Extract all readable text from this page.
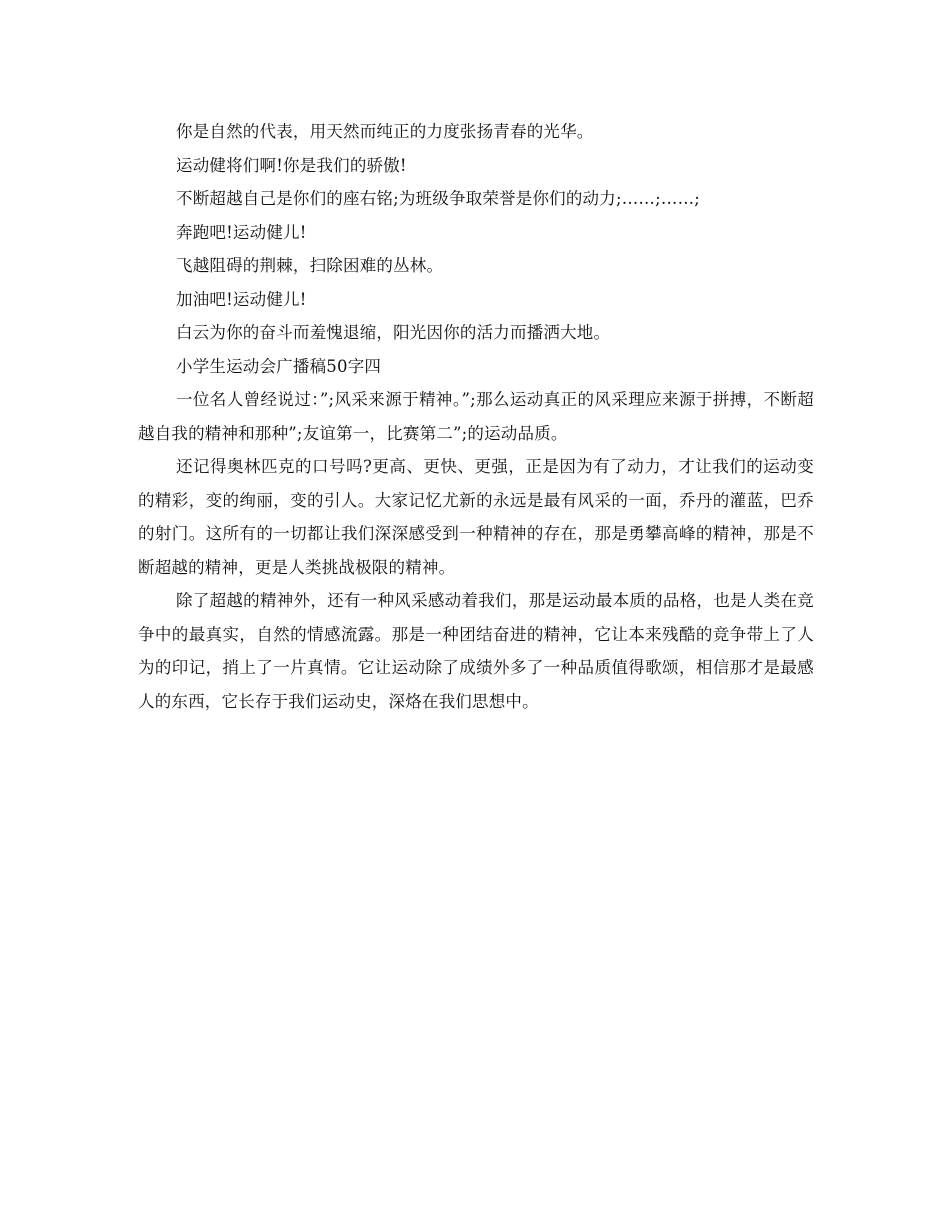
你是自然的代表，用天然而纯正的力度张扬青春的光华。

运动健将们啊!你是我们的骄傲!

不断超越自己是你们的座右铭;为班级争取荣誉是你们的动力;……;……;

奔跑吧!运动健儿!

飞越阻碍的荆棘，扫除困难的丛林。

加油吧!运动健儿!

白云为你的奋斗而羞愧退缩，阳光因你的活力而播洒大地。

小学生运动会广播稿50字四

一位名人曾经说过：”;风采来源于精神。”;那么运动真正的风采理应来源于拼搏，不断超越自我的精神和那种”;友谊第一，比赛第二”;的运动品质。

还记得奥林匹克的口号吗?更高、更快、更强，正是因为有了动力，才让我们的运动变的精彩，变的绚丽，变的引人。大家记忆尤新的永远是最有风采的一面，乔丹的灌蓝，巴乔的射门。这所有的一切都让我们深深感受到一种精神的存在，那是勇攀高峰的精神，那是不断超越的精神，更是人类挑战极限的精神。

除了超越的精神外，还有一种风采感动着我们，那是运动最本质的品格，也是人类在竞争中的最真实，自然的情感流露。那是一种团结奋进的精神，它让本来残酷的竞争带上了人为的印记，捎上了一片真情。它让运动除了成绩外多了一种品质值得歌颂，相信那才是最感人的东西，它长存于我们运动史，深烙在我们思想中。
